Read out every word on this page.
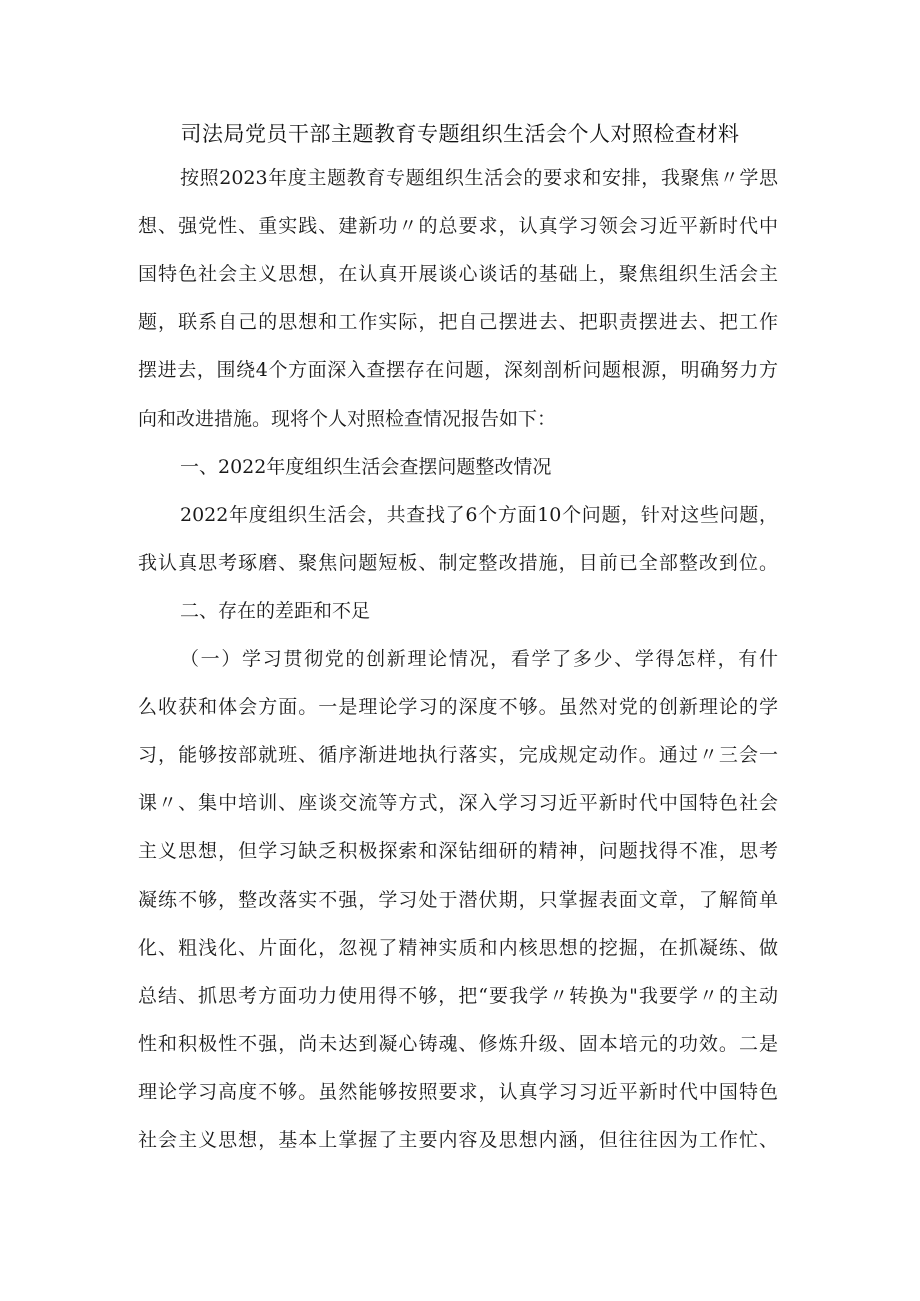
司法局党员干部主题教育专题组织生活会个人对照检查材料
按照2023年度主题教育专题组织生活会的要求和安排，我聚焦〃学思
想、强党性、重实践、建新功〃的总要求，认真学习领会习近平新时代中
国特色社会主义思想，在认真开展谈心谈话的基础上，聚焦组织生活会主
题，联系自己的思想和工作实际，把自己摆进去、把职责摆进去、把工作
摆进去，围绕4个方面深入查摆存在问题，深刻剖析问题根源，明确努力方
向和改进措施。现将个人对照检查情况报告如下：
一、2022年度组织生活会查摆问题整改情况
2022年度组织生活会，共查找了6个方面10个问题，针对这些问题，
我认真思考琢磨、聚焦问题短板、制定整改措施，目前已全部整改到位。
二、存在的差距和不足
（一）学习贯彻党的创新理论情况，看学了多少、学得怎样，有什
么收获和体会方面。一是理论学习的深度不够。虽然对党的创新理论的学
习，能够按部就班、循序渐进地执行落实，完成规定动作。通过〃三会一
课〃、集中培训、座谈交流等方式，深入学习习近平新时代中国特色社会
主义思想，但学习缺乏积极探索和深钻细研的精神，问题找得不准，思考
凝练不够，整改落实不强，学习处于潜伏期，只掌握表面文章，了解简单
化、粗浅化、片面化，忽视了精神实质和内核思想的挖掘，在抓凝练、做
总结、抓思考方面功力使用得不够，把“要我学〃转换为"我要学〃的主动
性和积极性不强，尚未达到凝心铸魂、修炼升级、固本培元的功效。二是
理论学习高度不够。虽然能够按照要求，认真学习习近平新时代中国特色
社会主义思想，基本上掌握了主要内容及思想内涵，但往往因为工作忙、
